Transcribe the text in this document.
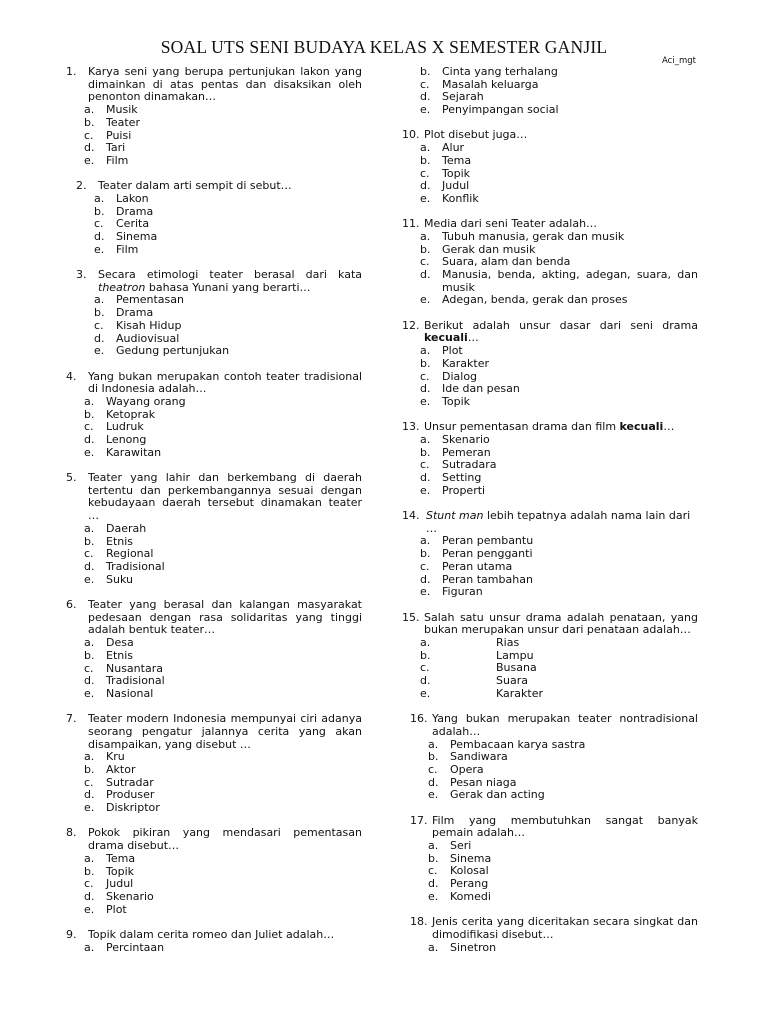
SOAL UTS SENI BUDAYA KELAS X SEMESTER GANJIL
Aci_mgt
1.	Karya seni yang berupa pertunjukan lakon yang dimainkan di atas pentas dan disaksikan oleh penonton dinamakan…
a.	Musik
b.	Teater
c.	Puisi
d.	Tari
e.	Film
2.	Teater dalam arti sempit di sebut…
a.	Lakon
b.	Drama
c.	Cerita
d.	Sinema
e.	Film
3.	Secara etimologi teater berasal dari kata theatron bahasa Yunani yang berarti…
a.	Pementasan
b.	Drama
c.	Kisah Hidup
d.	Audiovisual
e.	Gedung pertunjukan
4.	Yang bukan merupakan contoh teater tradisional di Indonesia adalah…
a.	Wayang orang
b.	Ketoprak
c.	Ludruk
d.	Lenong
e.	Karawitan
5.	Teater yang lahir dan berkembang di daerah tertentu dan perkembangannya sesuai dengan kebudayaan daerah tersebut dinamakan teater …
a.	Daerah
b.	Etnis
c.	Regional
d.	Tradisional
e.	Suku
6.	Teater yang berasal dan kalangan masyarakat pedesaan dengan rasa solidaritas yang tinggi adalah bentuk teater…
a.	Desa
b.	Etnis
c.	Nusantara
d.	Tradisional
e.	Nasional
7.	Teater modern Indonesia mempunyai ciri adanya seorang pengatur jalannya cerita yang akan disampaikan, yang disebut …
a.	Kru
b.	Aktor
c.	Sutradar
d.	Produser
e.	Diskriptor
8.	Pokok pikiran yang mendasari pementasan drama disebut…
a.	Tema
b.	Topik
c.	Judul
d.	Skenario
e.	Plot
9.	Topik dalam cerita romeo dan Juliet adalah…
a.	Percintaan
b.	Cinta yang terhalang
c.	Masalah keluarga
d.	Sejarah
e.	Penyimpangan social
10. Plot disebut juga…
a.	Alur
b.	Tema
c.	Topik
d.	Judul
e.	Konflik
11. Media dari seni Teater adalah…
a.	Tubuh manusia, gerak dan musik
b.	Gerak dan musik
c.	Suara, alam dan benda
d.	Manusia, benda, akting, adegan, suara, dan musik
e.	Adegan, benda, gerak dan proses
12. Berikut adalah unsur dasar dari seni drama kecuali…
a.	Plot
b.	Karakter
c.	Dialog
d.	Ide dan pesan
e.	Topik
13. Unsur pementasan drama dan film kecuali…
a.	Skenario
b.	Pemeran
c.	Sutradara
d.	Setting
e.	Properti
14. Stunt man lebih tepatnya adalah nama lain dari …
a.	Peran pembantu
b.	Peran pengganti
c.	Peran utama
d.	Peran tambahan
e.	Figuran
15. Salah satu unsur drama adalah penataan, yang bukan merupakan unsur dari penataan adalah…
a.	Rias
b.	Lampu
c.	Busana
d.	Suara
e.	Karakter
16. Yang bukan merupakan teater nontradisional adalah…
a.	Pembacaan karya sastra
b.	Sandiwara
c.	Opera
d.	Pesan niaga
e.	Gerak dan acting
17. Film yang membutuhkan sangat banyak pemain adalah…
a.	Seri
b.	Sinema
c.	Kolosal
d.	Perang
e.	Komedi
18. Jenis cerita yang diceritakan secara singkat dan dimodifikasi disebut…
a.	Sinetron
